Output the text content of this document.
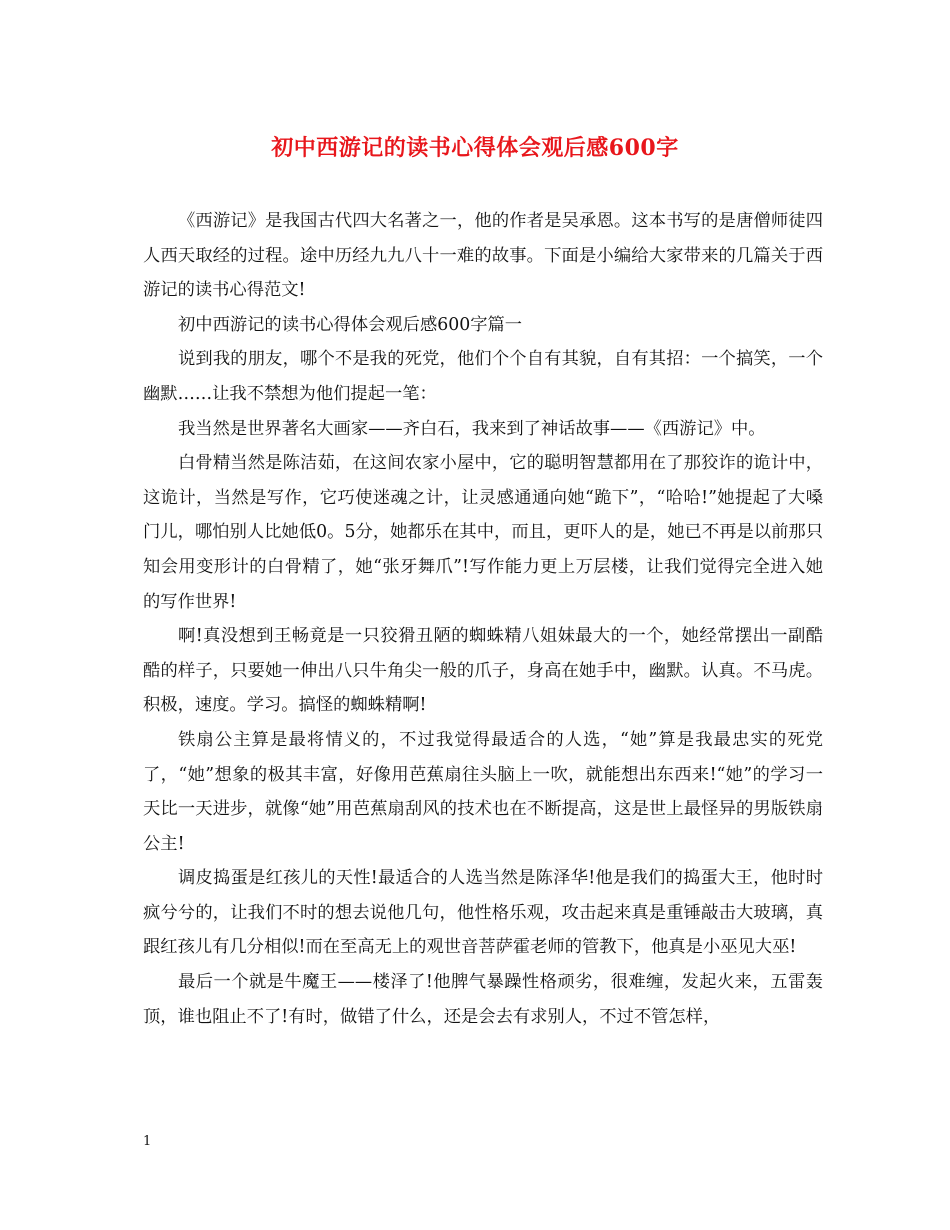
初中西游记的读书心得体会观后感600字

《西游记》是我国古代四大名著之一，他的作者是吴承恩。这本书写的是唐僧师徒四人西天取经的过程。途中历经九九八十一难的故事。下面是小编给大家带来的几篇关于西游记的读书心得范文!

初中西游记的读书心得体会观后感600字篇一

说到我的朋友，哪个不是我的死党，他们个个自有其貌，自有其招：一个搞笑，一个幽默……让我不禁想为他们提起一笔：

我当然是世界著名大画家——齐白石，我来到了神话故事——《西游记》中。

白骨精当然是陈洁茹，在这间农家小屋中，它的聪明智慧都用在了那狡诈的诡计中，这诡计，当然是写作，它巧使迷魂之计，让灵感通通向她“跪下”，“哈哈!”她提起了大嗓门儿，哪怕别人比她低0。5分，她都乐在其中，而且，更吓人的是，她已不再是以前那只知会用变形计的白骨精了，她“张牙舞爪”!写作能力更上万层楼，让我们觉得完全进入她的写作世界!

啊!真没想到王畅竟是一只狡猾丑陋的蜘蛛精八姐妹最大的一个，她经常摆出一副酷酷的样子，只要她一伸出八只牛角尖一般的爪子，身高在她手中，幽默。认真。不马虎。积极，速度。学习。搞怪的蜘蛛精啊!

铁扇公主算是最将情义的，不过我觉得最适合的人选，“她”算是我最忠实的死党了，“她”想象的极其丰富，好像用芭蕉扇往头脑上一吹，就能想出东西来!“她”的学习一天比一天进步，就像“她”用芭蕉扇刮风的技术也在不断提高，这是世上最怪异的男版铁扇公主!

调皮捣蛋是红孩儿的天性!最适合的人选当然是陈泽华!他是我们的捣蛋大王，他时时疯兮兮的，让我们不时的想去说他几句，他性格乐观，攻击起来真是重锤敲击大玻璃，真跟红孩儿有几分相似!而在至高无上的观世音菩萨霍老师的管教下，他真是小巫见大巫!

最后一个就是牛魔王——楼泽了!他脾气暴躁性格顽劣，很难缠，发起火来，五雷轰顶，谁也阻止不了!有时，做错了什么，还是会去有求别人，不过不管怎样，

1
